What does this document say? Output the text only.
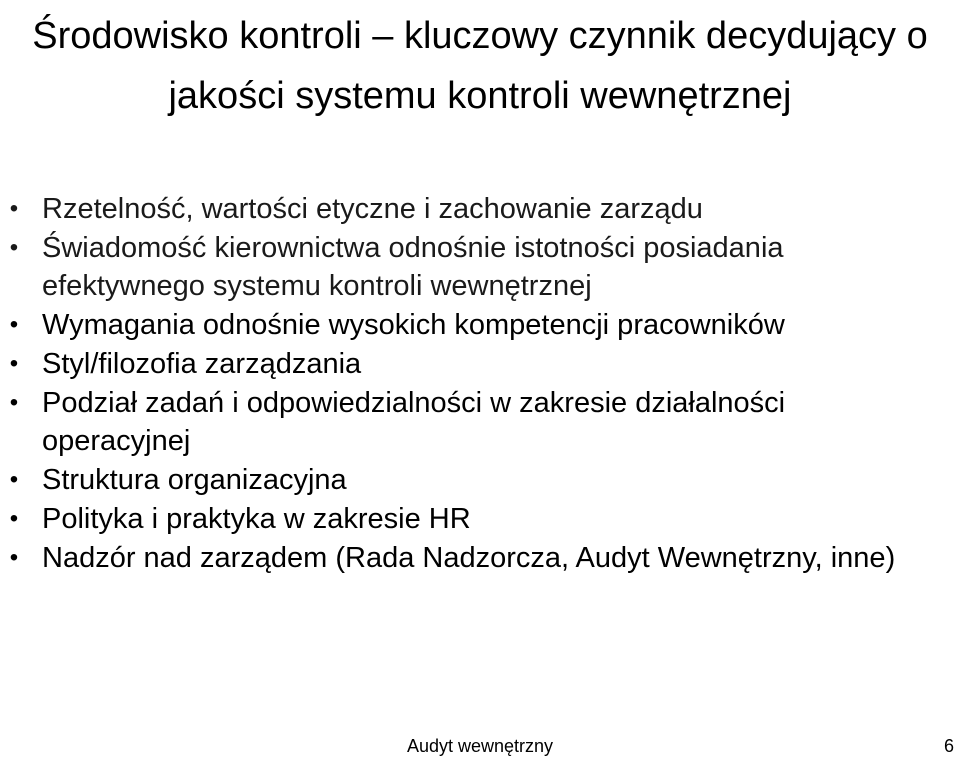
Środowisko kontroli – kluczowy czynnik decydujący o jakości systemu kontroli wewnętrznej
• Rzetelność, wartości etyczne i zachowanie zarządu
• Świadomość kierownictwa odnośnie istotności posiadania efektywnego systemu kontroli wewnętrznej
• Wymagania odnośnie wysokich kompetencji pracowników
• Styl/filozofia zarządzania
• Podział zadań i odpowiedzialności w zakresie działalności operacyjnej
• Struktura organizacyjna
• Polityka i praktyka w zakresie HR
• Nadzór nad zarządem (Rada Nadzorcza, Audyt Wewnętrzny, inne)
Audyt wewnętrzny	6
